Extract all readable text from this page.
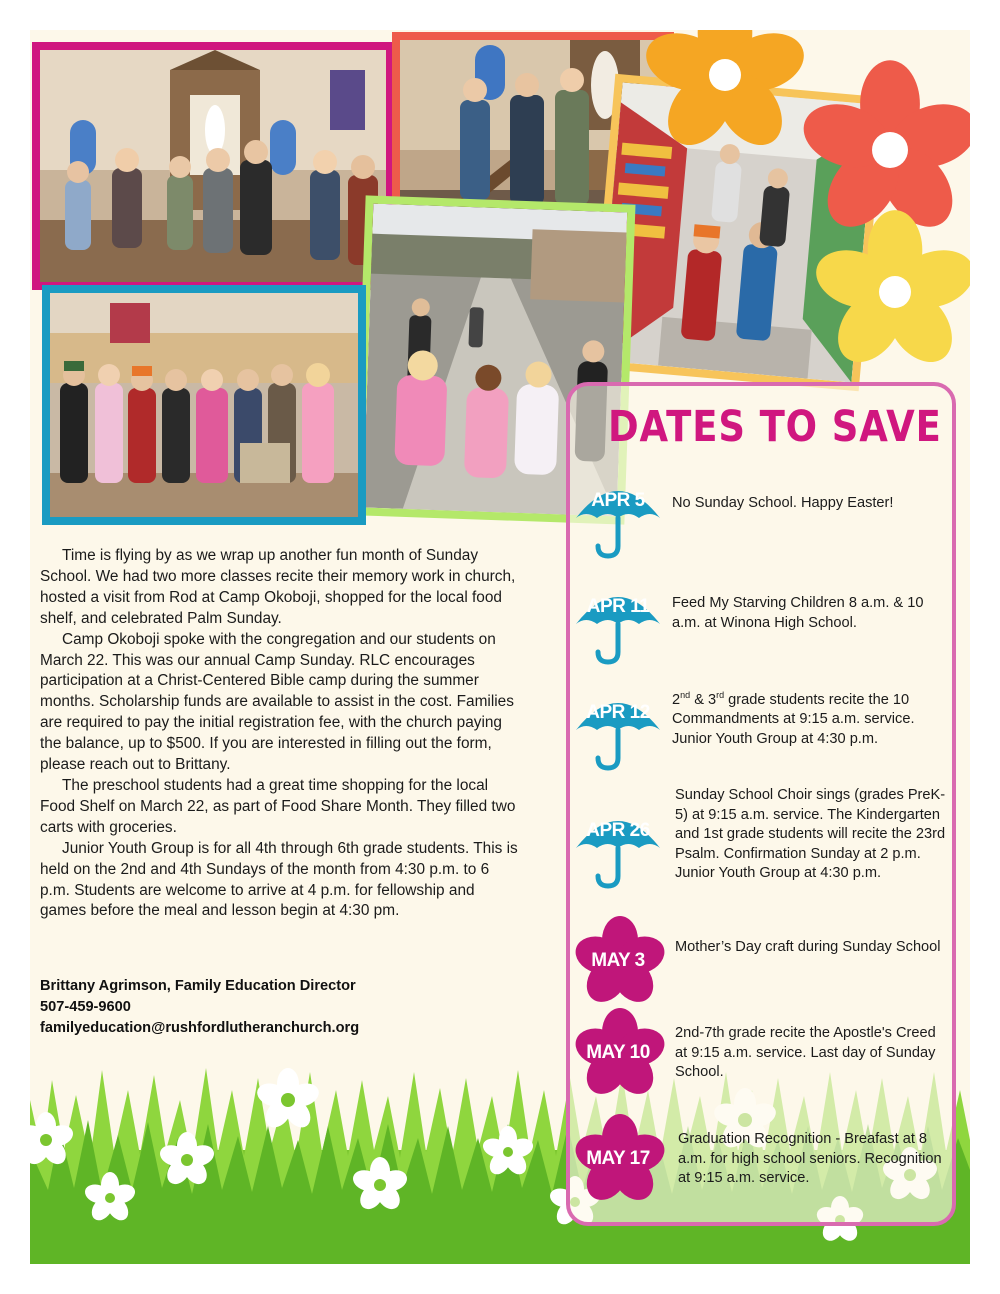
Time is flying by as we wrap up another fun month of Sunday School. We had two more classes recite their memory work in church, hosted a visit from Rod at Camp Okoboji, shopped for the local food shelf, and celebrated Palm Sunday.

Camp Okoboji spoke with the congregation and our students on March 22. This was our annual Camp Sunday. RLC encourages participation at a Christ-Centered Bible camp during the summer months. Scholarship funds are available to assist in the cost. Families are required to pay the initial registration fee, with the church paying the balance, up to $500. If you are interested in filling out the form, please reach out to Brittany.

The preschool students had a great time shopping for the local Food Shelf on March 22, as part of Food Share Month. They filled two carts with groceries.

Junior Youth Group is for all 4th through 6th grade students. This is held on the 2nd and 4th Sundays of the month from 4:30 p.m. to 6 p.m. Students are welcome to arrive at 4 p.m. for fellowship and games before the meal and lesson begin at 4:30 pm.

Brittany Agrimson, Family Education Director
507-459-9600
familyeducation@rushfordlutheranchurch.org
DATES TO SAVE
APR 5	No Sunday School. Happy Easter!
APR 11	Feed My Starving Children 8 a.m. & 10 a.m. at Winona High School.
APR 12
2nd & 3rd grade students recite the 10 Commandments at 9:15 a.m. service. Junior Youth Group at 4:30 p.m.
APR 26
Sunday School Choir sings (grades PreK-5) at 9:15 a.m. service. The Kindergarten and 1st grade students will recite the 23rd Psalm. Confirmation Sunday at 2 p.m. Junior Youth Group at 4:30 p.m.
MAY 3
Mother’s Day craft during Sunday School
MAY 10
2nd-7th grade recite the Apostle's Creed at 9:15 a.m. service. Last day of Sunday School.
MAY 17
Graduation Recognition - Breafast at 8 a.m. for high school seniors. Recognition at 9:15 a.m. service.
